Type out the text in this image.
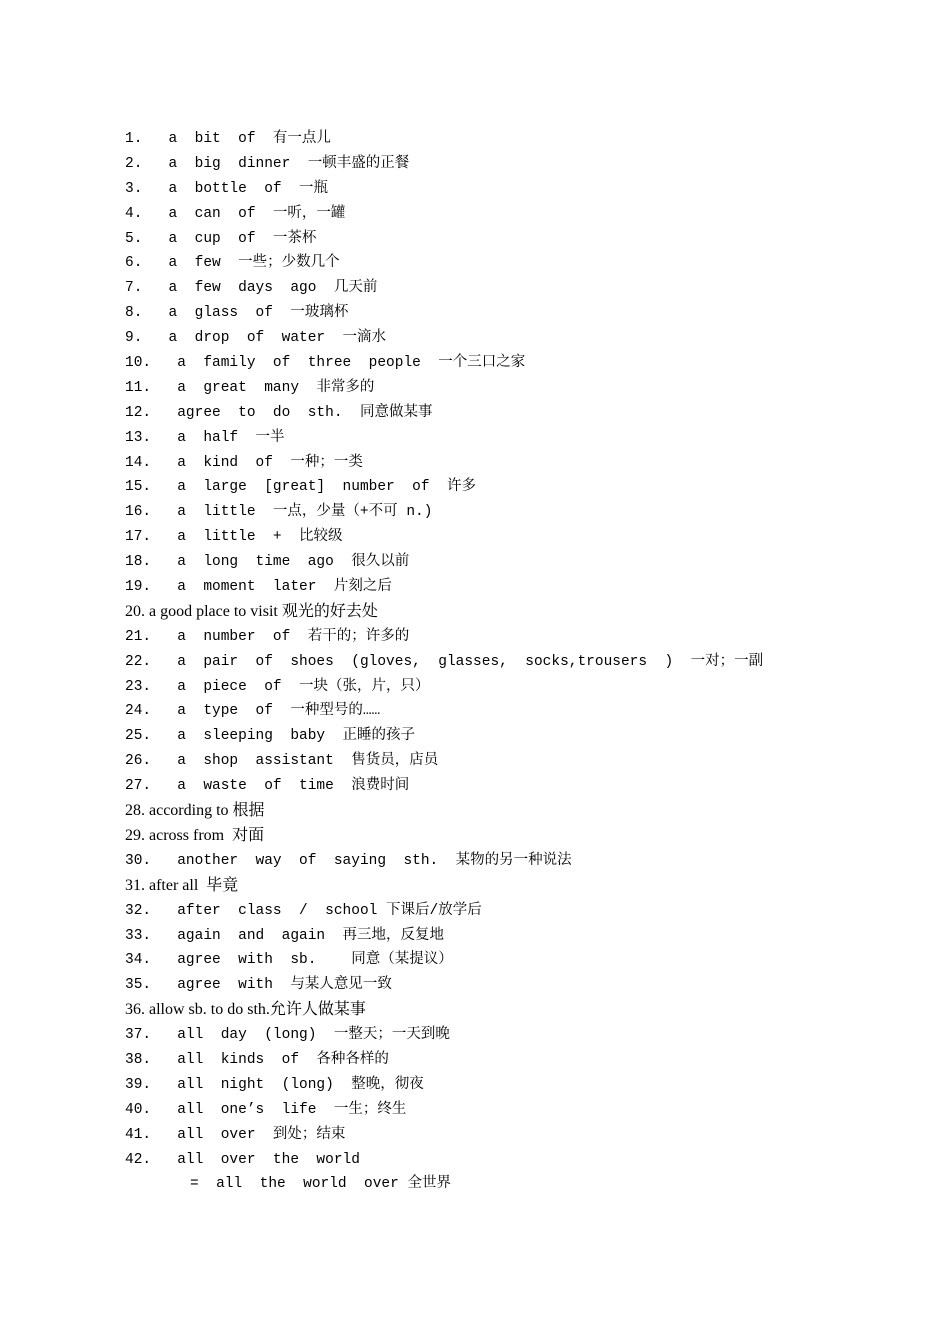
1.   a  bit  of  有一点儿
2.   a  big  dinner  一顿丰盛的正餐
3.   a  bottle  of  一瓶
4.   a  can  of  一听，一罐
5.   a  cup  of  一茶杯
6.   a  few  一些；少数几个
7.   a  few  days  ago  几天前
8.   a  glass  of  一玻璃杯
9.   a  drop  of  water  一滴水
10.   a  family  of  three  people  一个三口之家
11.   a  great  many  非常多的
12.   agree  to  do  sth.  同意做某事
13.   a  half  一半
14.   a  kind  of  一种；一类
15.   a  large  [great]  number  of  许多
16.   a  little  一点，少量（+不可 n.)
17.   a  little  +  比较级
18.   a  long  time  ago  很久以前
19.   a  moment  later  片刻之后
20. a good place to visit 观光的好去处
21.   a  number  of  若干的；许多的
22.   a  pair  of  shoes  (gloves,  glasses,  socks,trousers  )  一对；一副
23.   a  piece  of  一块（张，片，只）
24.   a  type  of  一种型号的……
25.   a  sleeping  baby  正睡的孩子
26.   a  shop  assistant  售货员，店员
27.   a  waste  of  time  浪费时间
28. according to 根据
29. across from  对面
30.   another  way  of  saying  sth.  某物的另一种说法
31. after all  毕竟
32.   after  class  /  school 下课后/放学后
33.   again  and  again  再三地，反复地
34.   agree  with  sb.    同意（某提议）
35.   agree  with  与某人意见一致
36. allow sb. to do sth.允许人做某事
37.   all  day  (long)  一整天；一天到晚
38.   all  kinds  of  各种各样的
39.   all  night  (long)  整晚，彻夜
40.   all  one’s  life  一生；终生
41.   all  over  到处；结束
42.   all  over  the  world
=  all  the  world  over 全世界
